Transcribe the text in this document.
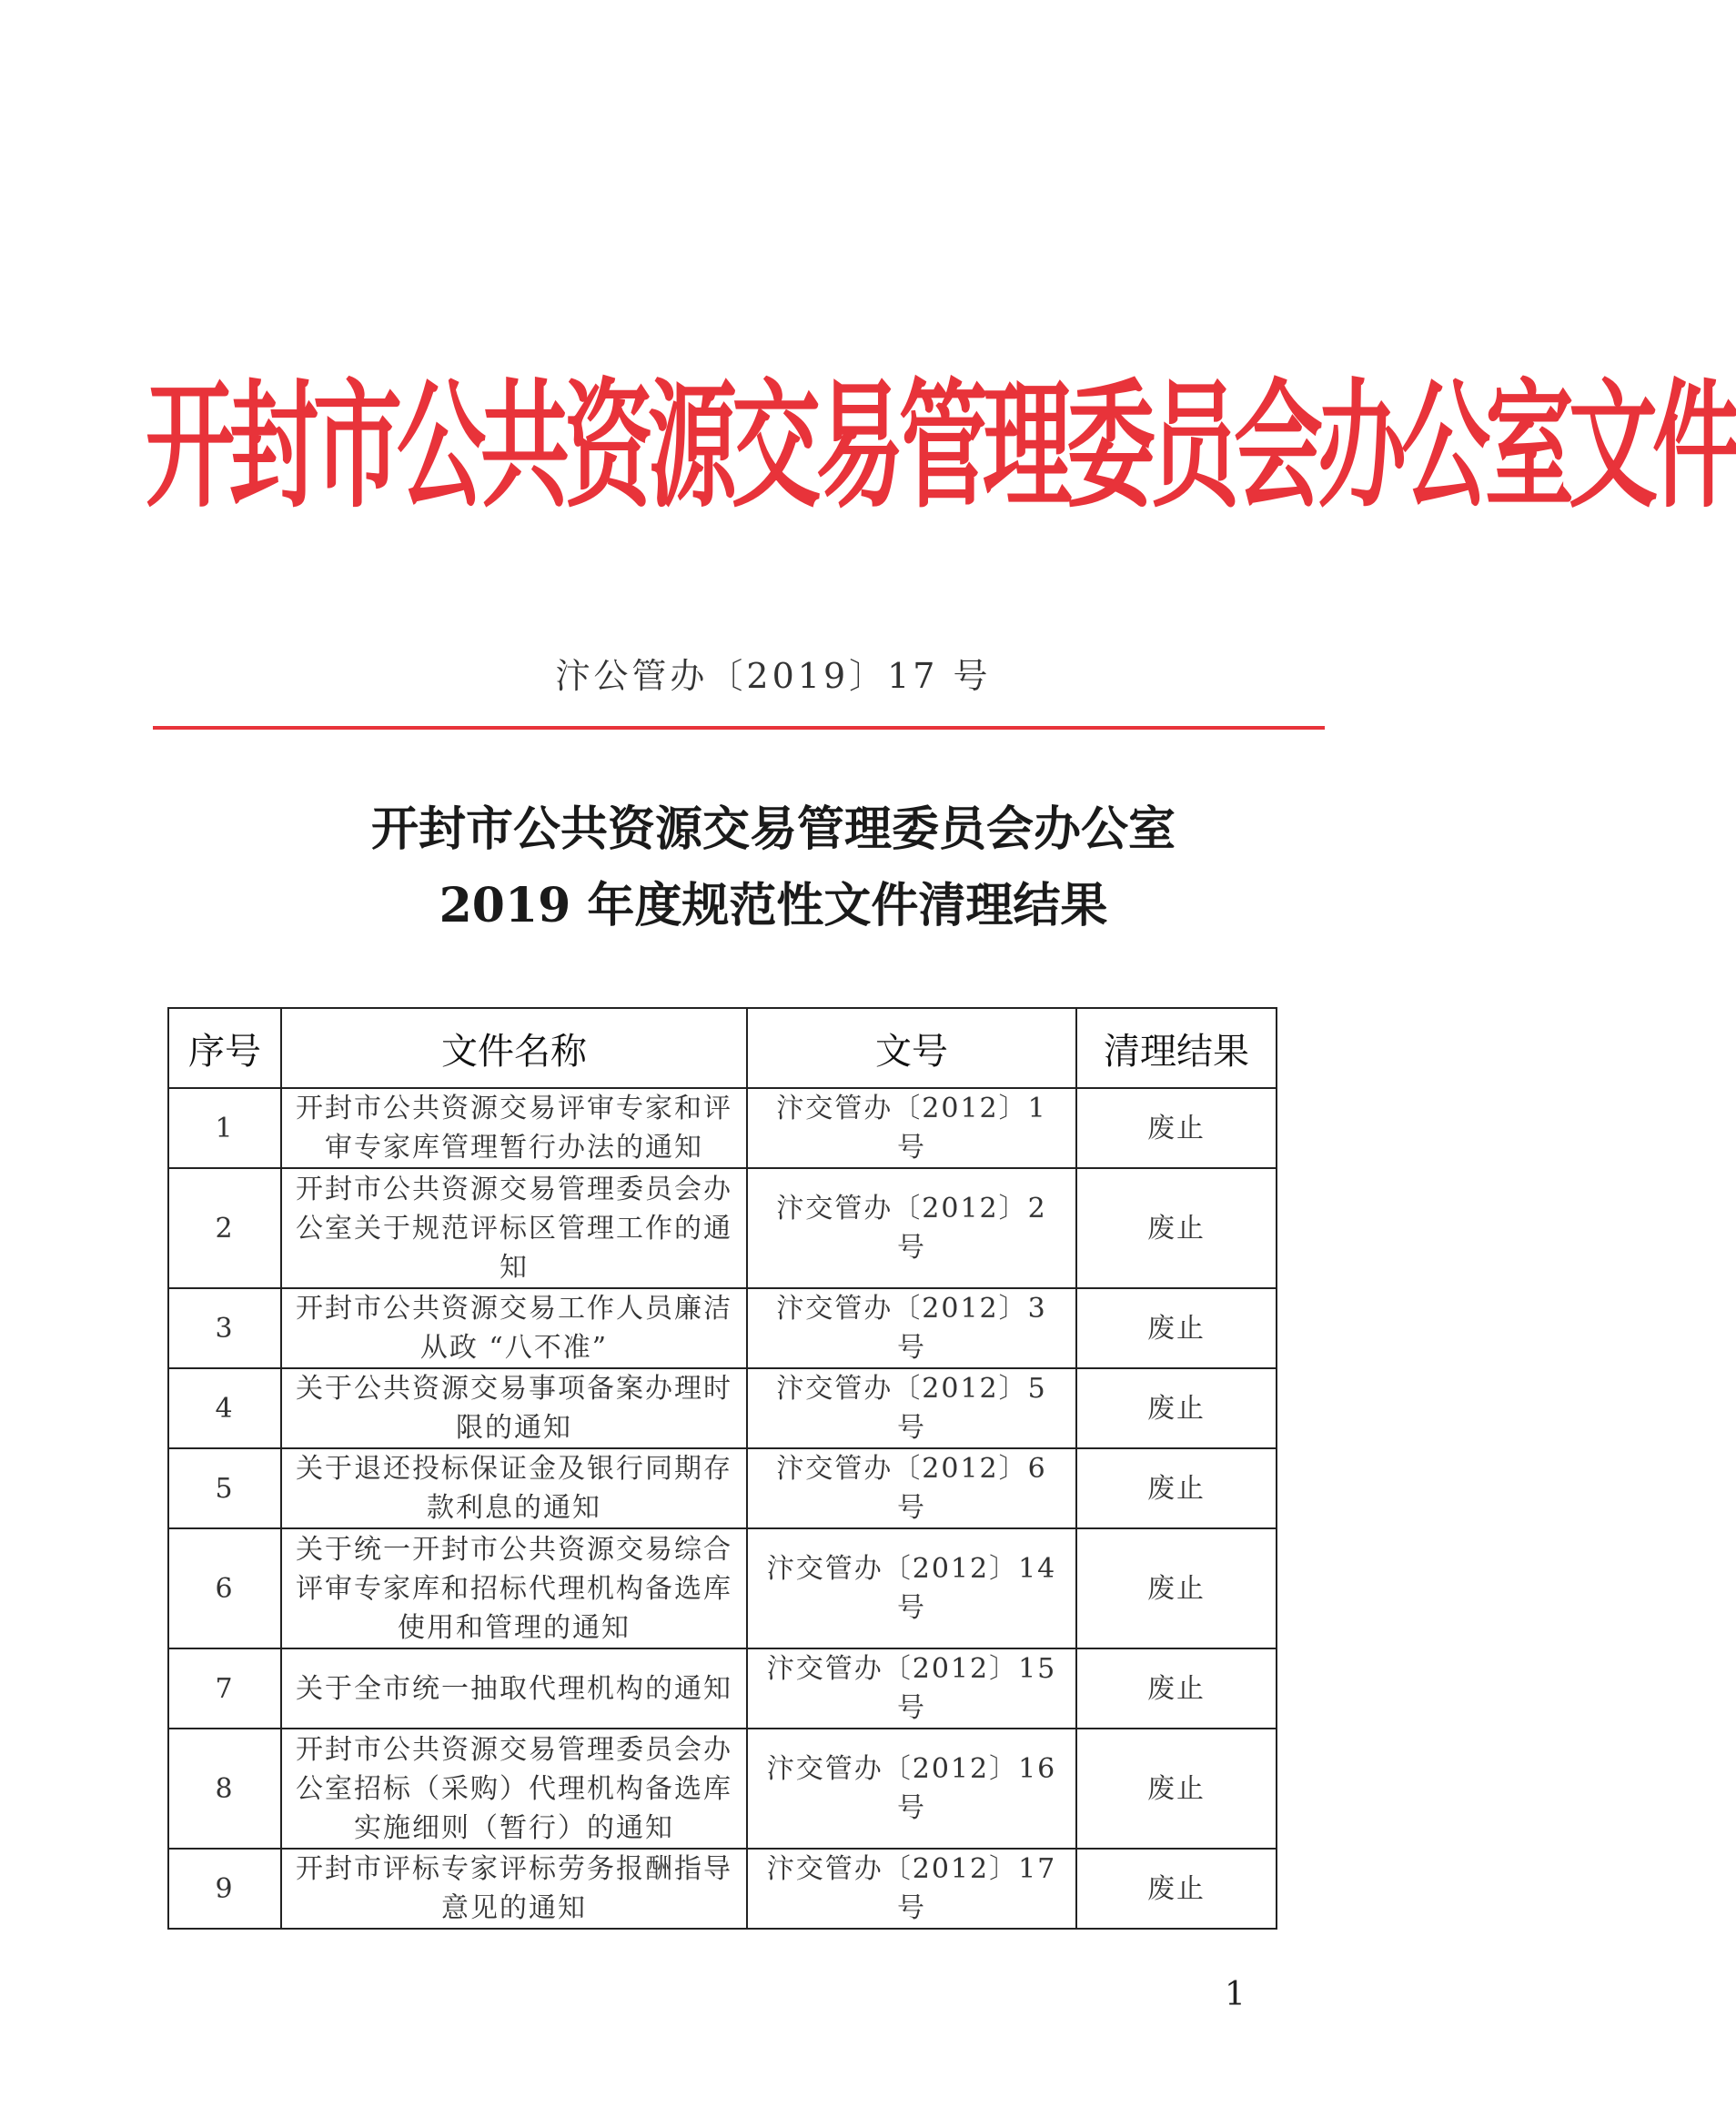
开封市公共资源交易管理委员会办公室文件
汴公管办〔2019〕17 号
开封市公共资源交易管理委员会办公室
2019 年度规范性文件清理结果
序号	文件名称	文号	清理结果
1	开封市公共资源交易评审专家和评审专家库管理暂行办法的通知	汴交管办〔2012〕1 号	废止
2	开封市公共资源交易管理委员会办公室关于规范评标区管理工作的通知	汴交管办〔2012〕2 号	废止
3	开封市公共资源交易工作人员廉洁从政 “八不准”	汴交管办〔2012〕3 号	废止
4	关于公共资源交易事项备案办理时限的通知	汴交管办〔2012〕5 号	废止
5	关于退还投标保证金及银行同期存款利息的通知	汴交管办〔2012〕6 号	废止
6	关于统一开封市公共资源交易综合评审专家库和招标代理机构备选库使用和管理的通知	汴交管办〔2012〕14 号	废止
7	关于全市统一抽取代理机构的通知	汴交管办〔2012〕15 号	废止
8	开封市公共资源交易管理委员会办公室招标（采购）代理机构备选库实施细则（暂行）的通知	汴交管办〔2012〕16 号	废止
9	开封市评标专家评标劳务报酬指导意见的通知	汴交管办〔2012〕17 号	废止
1
